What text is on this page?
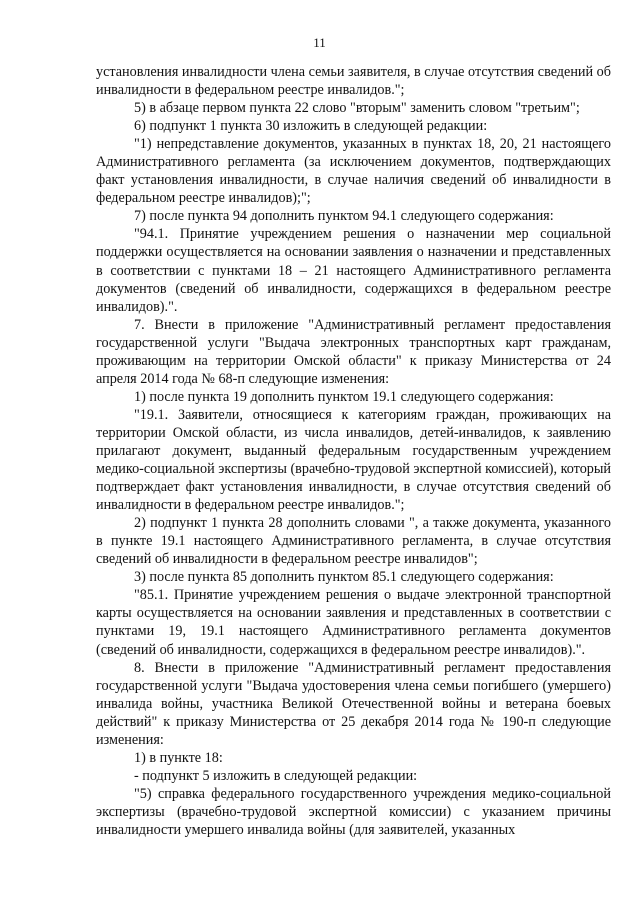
11

установления инвалидности члена семьи заявителя, в случае отсутствия сведений об инвалидности в федеральном реестре инвалидов.";

5) в абзаце первом пункта 22 слово "вторым" заменить словом "третьим";

6) подпункт 1 пункта 30 изложить в следующей редакции:

"1) непредставление документов, указанных в пунктах 18, 20, 21 настоящего Административного регламента (за исключением документов, подтверждающих факт установления инвалидности, в случае наличия сведений об инвалидности в федеральном реестре инвалидов);";

7) после пункта 94 дополнить пунктом 94.1 следующего содержания:

"94.1. Принятие учреждением решения о назначении мер социальной поддержки осуществляется на основании заявления о назначении и представленных в соответствии с пунктами 18 – 21 настоящего Административного регламента документов (сведений об инвалидности, содержащихся в федеральном реестре инвалидов).".

7. Внести в приложение "Административный регламент предоставления государственной услуги "Выдача электронных транспортных карт гражданам, проживающим на территории Омской области" к приказу Министерства от 24 апреля 2014 года № 68-п следующие изменения:

1) после пункта 19 дополнить пунктом 19.1 следующего содержания:

"19.1. Заявители, относящиеся к категориям граждан, проживающих на территории Омской области, из числа инвалидов, детей-инвалидов, к заявлению прилагают документ, выданный федеральным государственным учреждением медико-социальной экспертизы (врачебно-трудовой экспертной комиссией), который подтверждает факт установления инвалидности, в случае отсутствия сведений об инвалидности в федеральном реестре инвалидов.";

2) подпункт 1 пункта 28 дополнить словами ", а также документа, указанного в пункте 19.1 настоящего Административного регламента, в случае отсутствия сведений об инвалидности в федеральном реестре инвалидов";

3) после пункта 85 дополнить пунктом 85.1 следующего содержания:

"85.1. Принятие учреждением решения о выдаче электронной транспортной карты осуществляется на основании заявления и представленных в соответствии с пунктами 19, 19.1 настоящего Административного регламента документов (сведений об инвалидности, содержащихся в федеральном реестре инвалидов).".

8. Внести в приложение "Административный регламент предоставления государственной услуги "Выдача удостоверения члена семьи погибшего (умершего) инвалида войны, участника Великой Отечественной войны и ветерана боевых действий" к приказу Министерства от 25 декабря 2014 года № 190-п следующие изменения:

1) в пункте 18:

- подпункт 5 изложить в следующей редакции:

"5) справка федерального государственного учреждения медико-социальной экспертизы (врачебно-трудовой экспертной комиссии) с указанием причины инвалидности умершего инвалида войны (для заявителей, указанных
